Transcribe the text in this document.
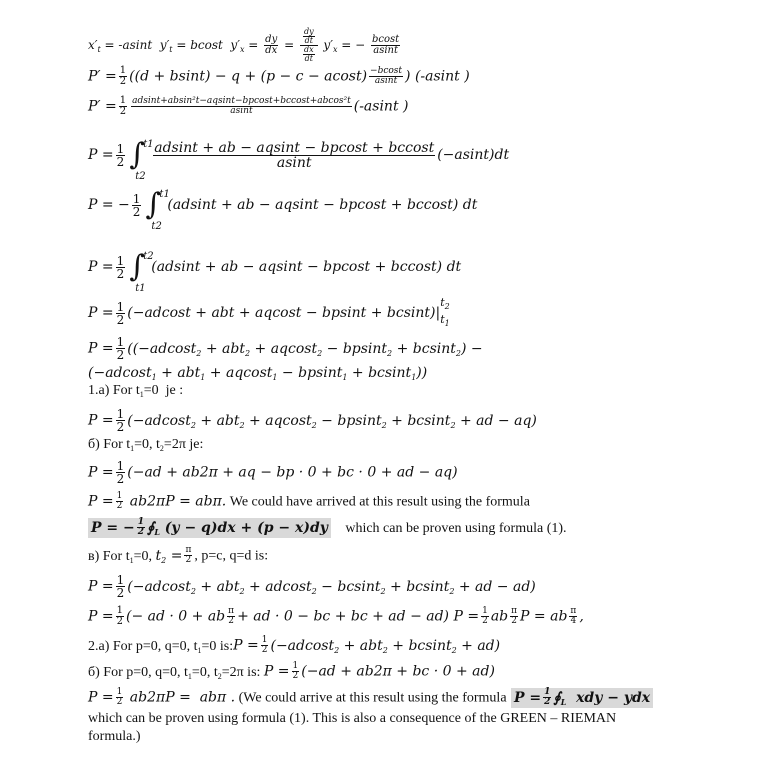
$x'_t = -asint$  $y'_t = bcost$  $y'_x = \frac{dy}{dx} = \frac{dy}{dt}$
$\frac{dx}{dt}$
$y'_x$ = − $\frac{bcost}{asint}$
$P' = \frac{1}{2} ((d + bsint) - q + (p - c - acost) \frac{-bcost}{asint}$ ) (-asint )
$P' = \frac{1}{2} \frac{\text{adsint+absin²t−aqsint−bpcost+bccost+abcos²t}}{asint} (-asint$ )
$P = \frac{1}{2}$ ∫
t1
t2
$\frac{adsint + ab - aqsint - bpcost + bccost}{asint} (-asint)dt$
P = − $\frac{1}{2}$ ∫
t1
t2
(adsint + ab − aqsint − bpcost + bccost) dt
$P = \frac{1}{2}$ ∫
t2
t1
(adsint + ab − aqsint − bpcost + bccost) dt
$P = \frac{1}{2} (-adcost$ + abt + $aqcost - bpsint + bcsint)|t_2$
$t_1$
$P = \frac{1}{2} ((-adcost_2 + abt_2 + aqcost_2 - bpsint_2 + bcsint_2)$ −
(−adcost$_1$ + abt$_1$ + aqcost$_1$ − bpsint$_1$ + bcsint$_1$))
1.a) For $t_1=0$  je :
$P = \frac{1}{2} (-adcost_2 + abt_2 + aqcost_2 - bpsint_2 + bcsint_2$ + ad − aq)
б) For $t_1=0$, $t_2=2\pi$ je:
$P = \frac{1}{2} (-ad + ab2\pi$ + aq − bp · 0 + bc · 0 + ad − aq)
$P = \frac{1}{2} ab2\pi P = ab\pi$. We could have arrived at this result using the formula
P = − $\frac{1}{2}$ $∮_L$ (y − q)dx + (p − x)dy which can be proven using formula (1).
в) For $t_1=0$, $t_2 = \frac{\pi}{2}$ , p=c, q=d is:
$P = \frac{1}{2} (-adcost_2 + abt_2 + adcost_2 - bcsint_2 + bcsint_2$ + ad − ad)
$P = \frac{1}{2}$ (− ad · 0 + ab $\frac{\pi}{2}$ + ad · 0 − bc + bc + ad − ad) $P = \frac{1}{2}$ ab $\frac{\pi}{2}$ P = ab $\frac{\pi}{4}$ ,
2.a) For p=0, q=0, $t_1=0$ is:P = $\frac{1}{2} (-adcost_2 + abt_2 + bcsint_2 + ad)$
б) For p=0, q=0, $t_1=0$, $t_2=2\pi$ is: $P = \frac{1}{2} (-ad + ab2\pi$ + bc · 0 + ad)
$P = \frac{1}{2} ab2\pi P = ab\pi$ . (We could arrive at this result using the formula $P = \frac{1}{2}$ $∮_L$  xdy − ydx
which can be proven using formula (1). This is also a consequence of the GREEN – RIEMAN
formula.)
